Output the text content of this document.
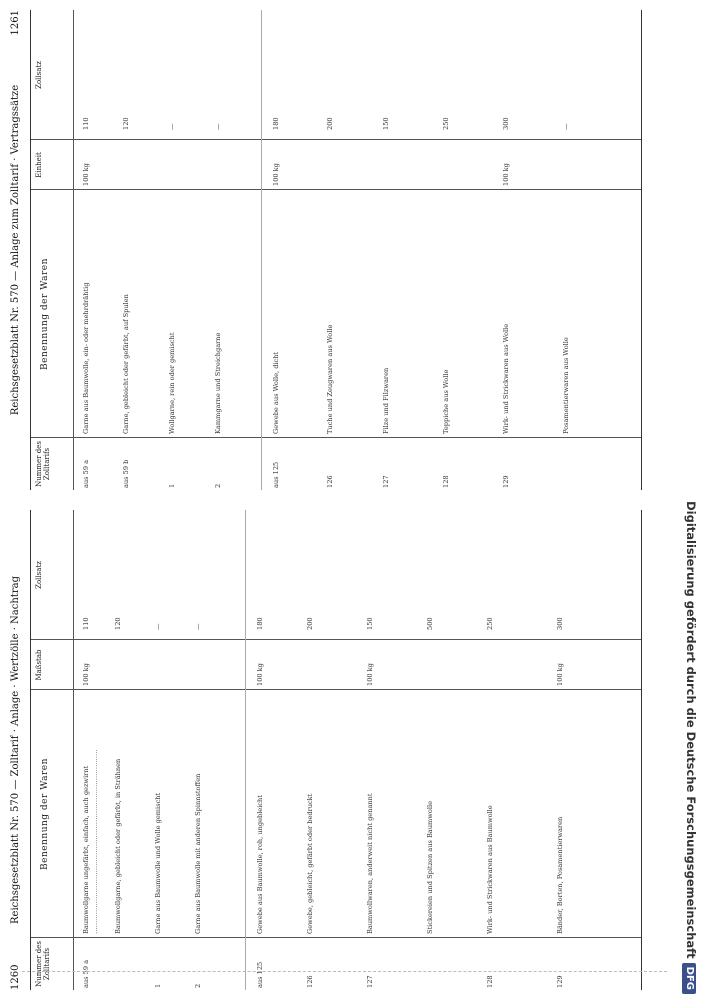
1260
Reichsgesetzblatt Nr. 570 — Zolltarif · Anlage · Wertzölle · Nachtrag
Nummer des Zolltarifs
Benennung der Waren
Maßstab
Zollsatz
aus 59 a
Baumwollgarne ungefärbt, einfach, auch gezwirnt
100 kg
110
………………………………………………………………………… Baumwollgarne, gebleicht oder gefärbt, in Strähnen
120
1
Garne aus Baumwolle und Wolle gemischt
—
2
Garne aus Baumwolle mit anderen Spinnstoffen
—
aus 125
Gewebe aus Baumwolle, roh, ungebleicht
100 kg
180
126
Gewebe, gebleicht, gefärbt oder bedruckt
200
127
Baumwollwaren, anderweit nicht genannt
100 kg
150
Stickereien und Spitzen aus Baumwolle
500
128
Wirk- und Strickwaren aus Baumwolle
250
129
Bänder, Borten, Posamentierwaren
100 kg
300
Reichsgesetzblatt Nr. 570 — Anlage zum Zolltarif · Vertragssätze
1261
Nummer des Zolltarifs
Benennung der Waren
Einheit
Zollsatz
aus 59 a
Garne aus Baumwolle, ein- oder mehrdrähtig
100 kg
110
aus 59 b
Garne, gebleicht oder gefärbt, auf Spulen
120
1
Wollgarne, rein oder gemischt
—
2
Kammgarne und Streichgarne
—
aus 125
Gewebe aus Wolle, dicht
100 kg
180
126
Tuche und Zeugwaren aus Wolle
200
127
Filze und Filzwaren
150
128
Teppiche aus Wolle
250
129
Wirk- und Strickwaren aus Wolle
100 kg
300
Posamentierwaren aus Wolle
—
Digitalisierung gefördert durch die Deutsche ForschungsgemeinschaftDFG
